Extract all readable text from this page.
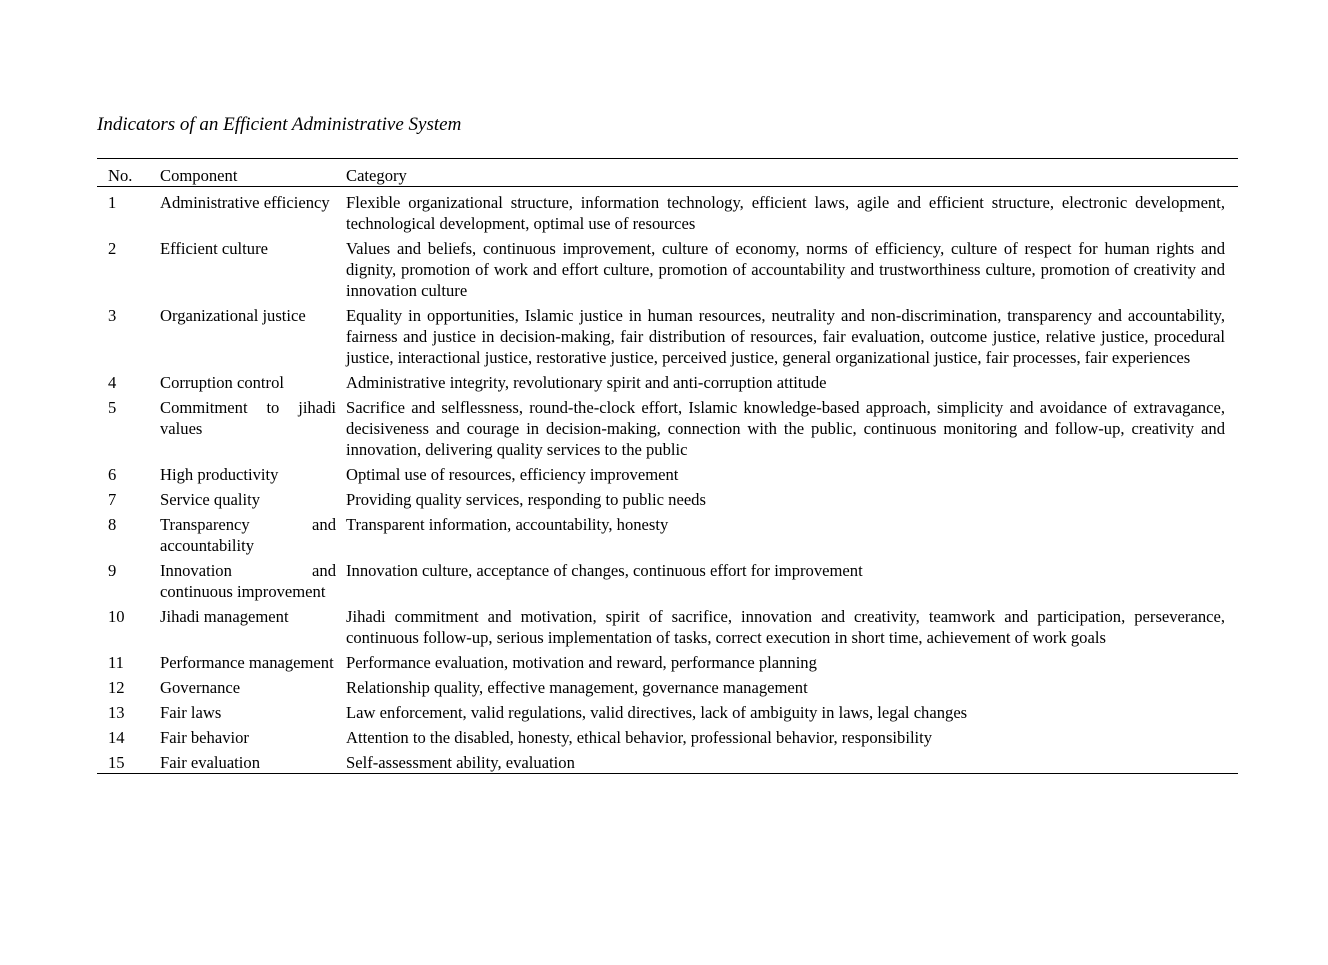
Indicators of an Efficient Administrative System
No.	Component	Category
1	Administrative efficiency	Flexible organizational structure, information technology, efficient laws, agile and efficient structure, electronic development, technological development, optimal use of resources
2	Efficient culture	Values and beliefs, continuous improvement, culture of economy, norms of efficiency, culture of respect for human rights and dignity, promotion of work and effort culture, promotion of accountability and trustworthiness culture, promotion of creativity and innovation culture
3	Organizational justice	Equality in opportunities, Islamic justice in human resources, neutrality and non-discrimination, transparency and accountability, fairness and justice in decision-making, fair distribution of resources, fair evaluation, outcome justice, relative justice, procedural justice, interactional justice, restorative justice, perceived justice, general organizational justice, fair processes, fair experiences
4	Corruption control	Administrative integrity, revolutionary spirit and anti-corruption attitude
5	Commitment to jihadi values	Sacrifice and selflessness, round-the-clock effort, Islamic knowledge-based approach, simplicity and avoidance of extravagance, decisiveness and courage in decision-making, connection with the public, continuous monitoring and follow-up, creativity and innovation, delivering quality services to the public
6	High productivity	Optimal use of resources, efficiency improvement
7	Service quality	Providing quality services, responding to public needs
8	Transparency and accountability	Transparent information, accountability, honesty
9	Innovation and continuous improvement	Innovation culture, acceptance of changes, continuous effort for improvement
10	Jihadi management	Jihadi commitment and motivation, spirit of sacrifice, innovation and creativity, teamwork and participation, perseverance, continuous follow-up, serious implementation of tasks, correct execution in short time, achievement of work goals
11	Performance management	Performance evaluation, motivation and reward, performance planning
12	Governance	Relationship quality, effective management, governance management
13	Fair laws	Law enforcement, valid regulations, valid directives, lack of ambiguity in laws, legal changes
14	Fair behavior	Attention to the disabled, honesty, ethical behavior, professional behavior, responsibility
15	Fair evaluation	Self-assessment ability, evaluation
